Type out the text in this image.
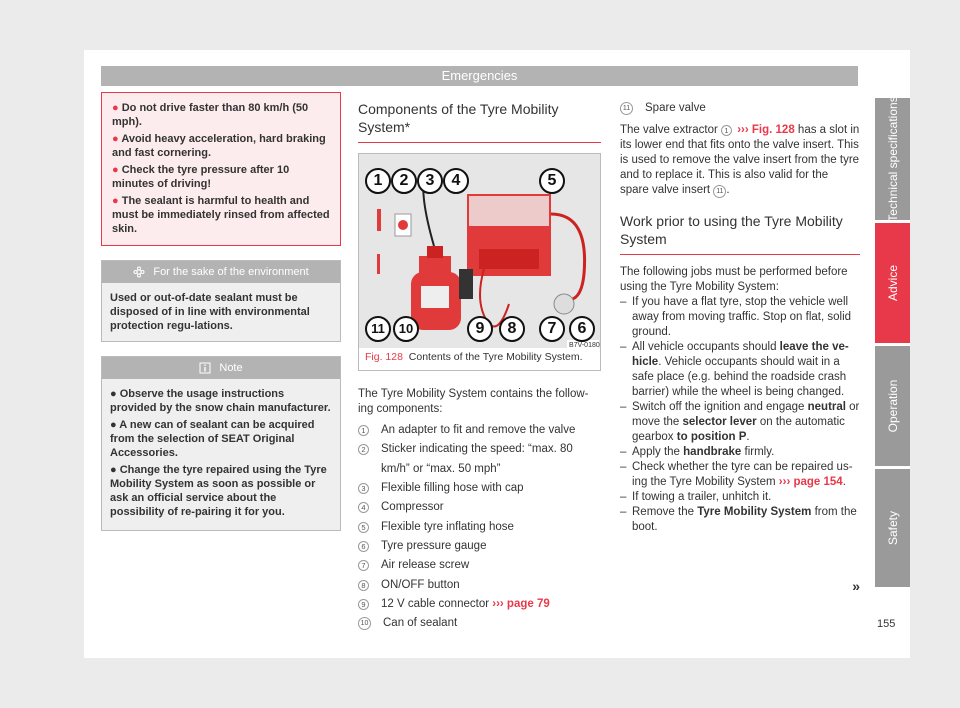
Emergencies
● Do not drive faster than 80 km/h (50 mph).
● Avoid heavy acceleration, hard braking and fast cornering.
● Check the tyre pressure after 10 minutes of driving!
● The sealant is harmful to health and must be immediately rinsed from affected skin.
For the sake of the environment
Used or out-of-date sealant must be disposed of in line with environmental protection regu-lations.
Note
● Observe the usage instructions provided by the snow chain manufacturer.
● A new can of sealant can be acquired from the selection of SEAT Original Accessories.
● Change the tyre repaired using the Tyre Mobility System as soon as possible or ask an official service about the possibility of re-pairing it for you.
Components of the Tyre Mobility System*
1	2	3	4	5
11	10	9	8	7	6
B7V-0180
Fig. 128 Contents of the Tyre Mobility System.
The Tyre Mobility System contains the follow-ing components:
1 An adapter to fit and remove the valve
2 Sticker indicating the speed: “max. 80
km/h” or “max. 50 mph”
3 Flexible filling hose with cap
4 Compressor
5 Flexible tyre inflating hose
6 Tyre pressure gauge
7 Air release screw
8 ON/OFF button
9 12 V cable connector
››› page 79
10 Can of sealant
11 Spare valve

The valve extractor 1 ››› Fig. 128 has a slot in its lower end that fits onto the valve insert. This is used to remove the valve insert from the tyre and to replace it. This is also valid for the spare valve insert 11 .

Work prior to using the Tyre Mobility System

The following jobs must be performed before using the Tyre Mobility System:

– If you have a flat tyre, stop the vehicle well away from moving traffic. Stop on flat, solid ground.
– All vehicle occupants should leave the ve-hicle. Vehicle occupants should wait in a safe place (e.g. behind the roadside crash barrier) while the wheel is being changed.
– Switch off the ignition and engage neutral or move the selector lever on the automatic gearbox to position P.
– Apply the handbrake firmly.
– Check whether the tyre can be repaired us-ing the Tyre Mobility System ››› page 154.
– If towing a trailer, unhitch it.
– Remove the Tyre Mobility System from the boot.
»
Technical specifications
Advice
Operation
Safety
155
